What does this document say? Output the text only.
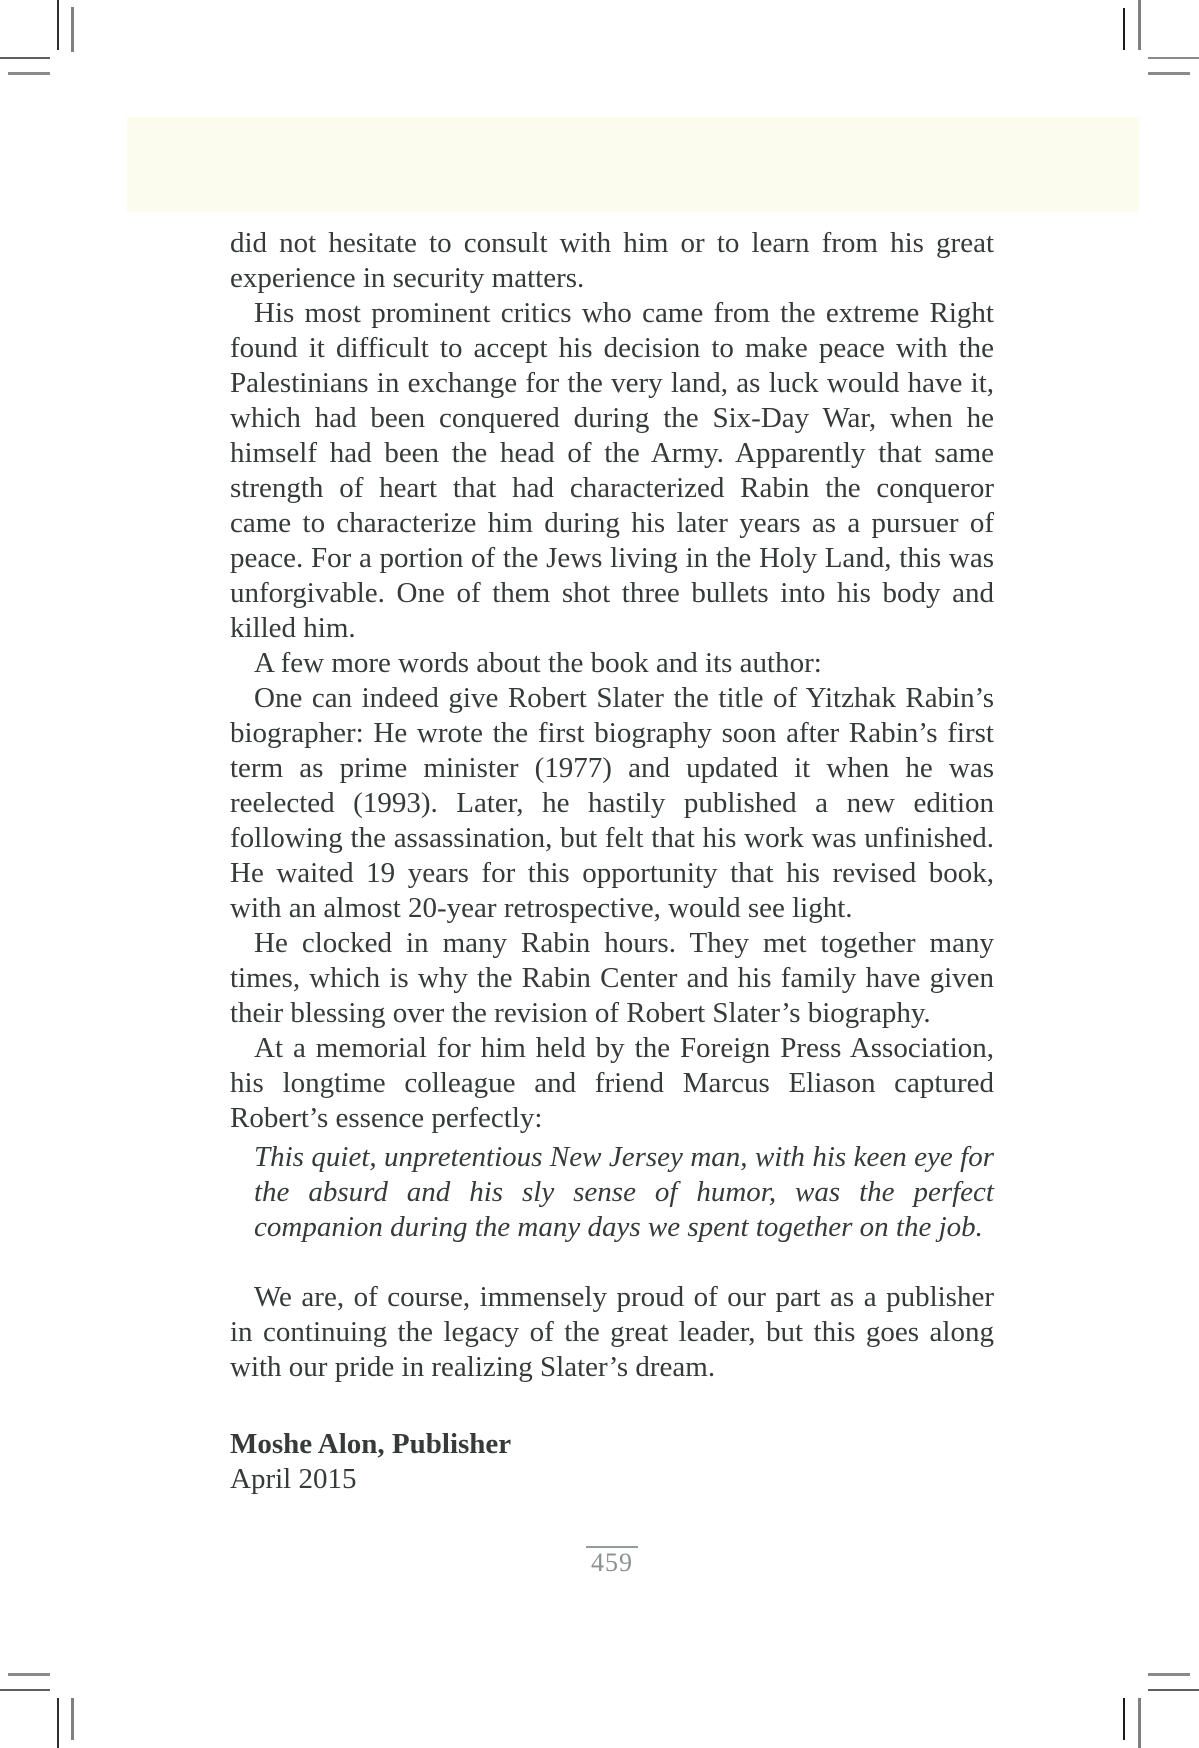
did not hesitate to consult with him or to learn from his great experience in security matters.

His most prominent critics who came from the extreme Right found it difficult to accept his decision to make peace with the Palestinians in exchange for the very land, as luck would have it, which had been conquered during the Six-Day War, when he himself had been the head of the Army. Apparently that same strength of heart that had characterized Rabin the conqueror came to characterize him during his later years as a pursuer of peace. For a portion of the Jews living in the Holy Land, this was unforgivable. One of them shot three bullets into his body and killed him.

A few more words about the book and its author:

One can indeed give Robert Slater the title of Yitzhak Rabin’s biographer: He wrote the first biography soon after Rabin’s first term as prime minister (1977) and updated it when he was reelected (1993). Later, he hastily published a new edition following the assassination, but felt that his work was unfinished. He waited 19 years for this opportunity that his revised book, with an almost 20-year retrospective, would see light.

He clocked in many Rabin hours. They met together many times, which is why the Rabin Center and his family have given their blessing over the revision of Robert Slater’s biography.

At a memorial for him held by the Foreign Press Association, his longtime colleague and friend Marcus Eliason captured Robert’s essence perfectly:

This quiet, unpretentious New Jersey man, with his keen eye for the absurd and his sly sense of humor, was the perfect companion during the many days we spent together on the job.

We are, of course, immensely proud of our part as a publisher in continuing the legacy of the great leader, but this goes along with our pride in realizing Slater’s dream.

Moshe Alon, Publisher

April 2015

459
